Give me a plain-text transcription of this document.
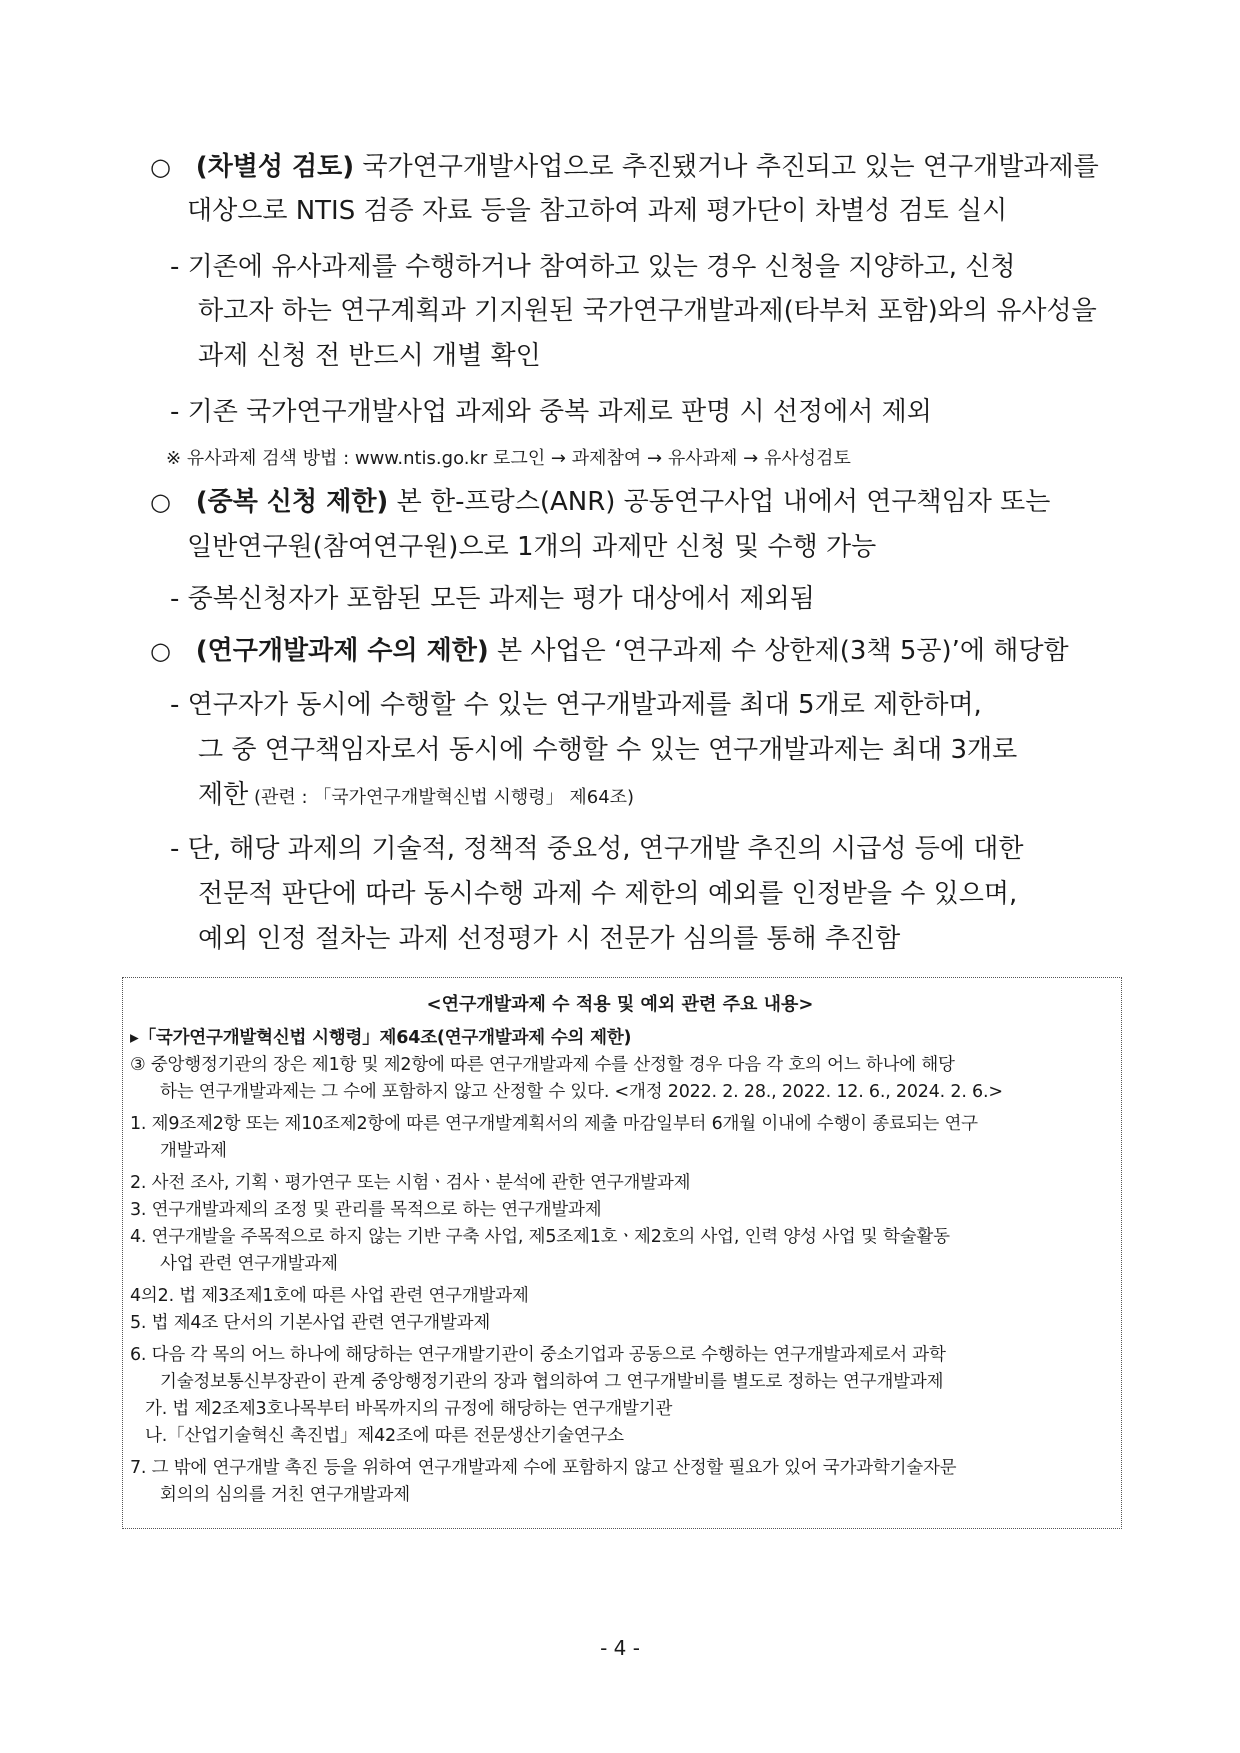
○ (차별성 검토) 국가연구개발사업으로 추진됐거나 추진되고 있는 연구개발과제를
대상으로 NTIS 검증 자료 등을 참고하여 과제 평가단이 차별성 검토 실시
- 기존에 유사과제를 수행하거나 참여하고 있는 경우 신청을 지양하고, 신청
하고자 하는 연구계획과 기지원된 국가연구개발과제(타부처 포함)와의 유사성을
과제 신청 전 반드시 개별 확인
- 기존 국가연구개발사업 과제와 중복 과제로 판명 시 선정에서 제외
※ 유사과제 검색 방법 : www.ntis.go.kr 로그인 → 과제참여 → 유사과제 → 유사성검토
○ (중복 신청 제한) 본 한-프랑스(ANR) 공동연구사업 내에서 연구책임자 또는
일반연구원(참여연구원)으로 1개의 과제만 신청 및 수행 가능
- 중복신청자가 포함된 모든 과제는 평가 대상에서 제외됨
○ (연구개발과제 수의 제한) 본 사업은 ‘연구과제 수 상한제(3책 5공)’에 해당함
- 연구자가 동시에 수행할 수 있는 연구개발과제를 최대 5개로 제한하며,
그 중 연구책임자로서 동시에 수행할 수 있는 연구개발과제는 최대 3개로
제한 (관련 : 「국가연구개발혁신법 시행령」 제64조)
- 단, 해당 과제의 기술적, 정책적 중요성, 연구개발 추진의 시급성 등에 대한
전문적 판단에 따라 동시수행 과제 수 제한의 예외를 인정받을 수 있으며,
예외 인정 절차는 과제 선정평가 시 전문가 심의를 통해 추진함
<연구개발과제 수 적용 및 예외 관련 주요 내용>
▸「국가연구개발혁신법 시행령」제64조(연구개발과제 수의 제한)
③ 중앙행정기관의 장은 제1항 및 제2항에 따른 연구개발과제 수를 산정할 경우 다음 각 호의 어느 하나에 해당
하는 연구개발과제는 그 수에 포함하지 않고 산정할 수 있다. <개정 2022. 2. 28., 2022. 12. 6., 2024. 2. 6.>
1. 제9조제2항 또는 제10조제2항에 따른 연구개발계획서의 제출 마감일부터 6개월 이내에 수행이 종료되는 연구
개발과제
2. 사전 조사, 기획ㆍ평가연구 또는 시험ㆍ검사ㆍ분석에 관한 연구개발과제
3. 연구개발과제의 조정 및 관리를 목적으로 하는 연구개발과제
4. 연구개발을 주목적으로 하지 않는 기반 구축 사업, 제5조제1호ㆍ제2호의 사업, 인력 양성 사업 및 학술활동
사업 관련 연구개발과제
4의2. 법 제3조제1호에 따른 사업 관련 연구개발과제
5. 법 제4조 단서의 기본사업 관련 연구개발과제
6. 다음 각 목의 어느 하나에 해당하는 연구개발기관이 중소기업과 공동으로 수행하는 연구개발과제로서 과학
기술정보통신부장관이 관계 중앙행정기관의 장과 협의하여 그 연구개발비를 별도로 정하는 연구개발과제
가. 법 제2조제3호나목부터 바목까지의 규정에 해당하는 연구개발기관
나.「산업기술혁신 촉진법」제42조에 따른 전문생산기술연구소
7. 그 밖에 연구개발 촉진 등을 위하여 연구개발과제 수에 포함하지 않고 산정할 필요가 있어 국가과학기술자문
회의의 심의를 거친 연구개발과제
- 4 -
